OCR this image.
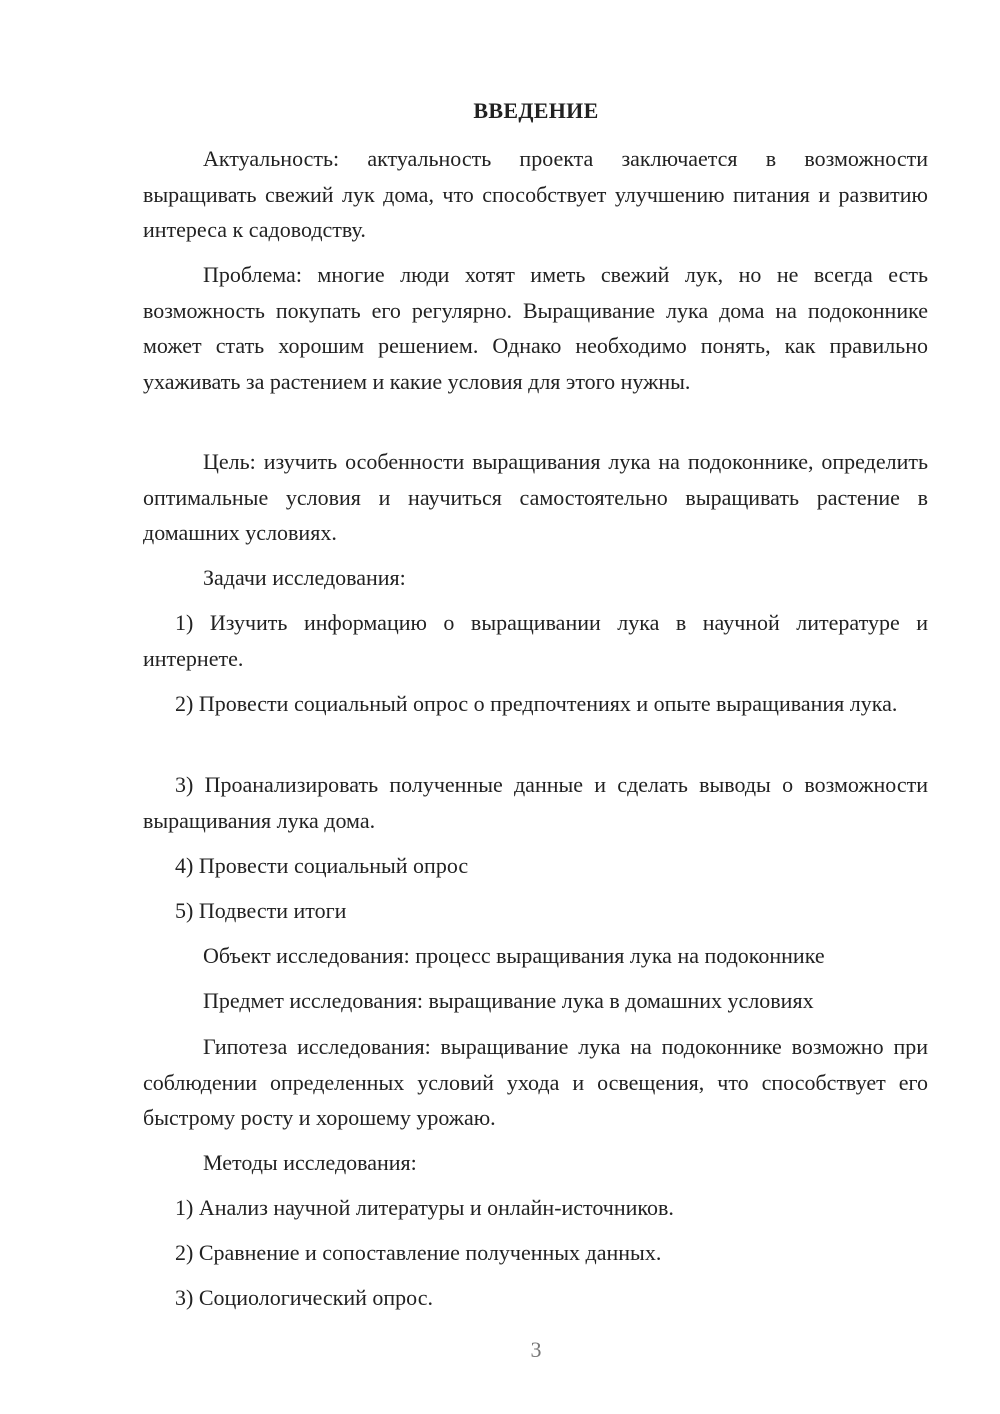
ВВЕДЕНИЕ

Актуальность: актуальность проекта заключается в возможности выращивать свежий лук дома, что способствует улучшению питания и развитию интереса к садоводству.

Проблема: многие люди хотят иметь свежий лук, но не всегда есть возможность покупать его регулярно. Выращивание лука дома на подоконнике может стать хорошим решением. Однако необходимо понять, как правильно ухаживать за растением и какие условия для этого нужны.

Цель: изучить особенности выращивания лука на подоконнике, определить оптимальные условия и научиться самостоятельно выращивать растение в домашних условиях.

Задачи исследования:

1) Изучить информацию о выращивании лука в научной литературе и интернете.

2) Провести социальный опрос о предпочтениях и опыте выращивания лука.

3) Проанализировать полученные данные и сделать выводы о возможности выращивания лука дома.

4) Провести социальный опрос

5) Подвести итоги

Объект исследования: процесс выращивания лука на подоконнике

Предмет исследования: выращивание лука в домашних условиях

Гипотеза исследования: выращивание лука на подоконнике возможно при соблюдении определенных условий ухода и освещения, что способствует его быстрому росту и хорошему урожаю.

Методы исследования:

1) Анализ научной литературы и онлайн-источников.

2) Сравнение и сопоставление полученных данных.

3) Социологический опрос.

3
